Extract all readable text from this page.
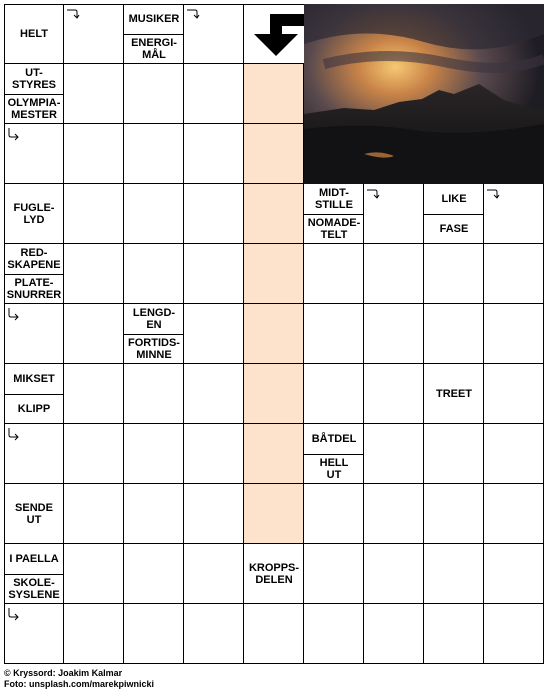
HELT
MUSIKER
ENERGI-
MÅL
UT-
STYRES
OLYMPIA-
MESTER
FUGLE-
LYD
MIDT-
STILLE
NOMADE-
TELT
LIKE
FASE
RED-
SKAPENE
PLATE-
SNURRER
LENGD-
EN
FORTIDS-
MINNE
MIKSET
KLIPP
TREET
BÅTDEL
HELL
UT
SENDE
UT
I PAELLA
SKOLE-
SYSLENE
KROPPS-
DELEN
© Kryssord: Joakim Kalmar
Foto: unsplash.com/marekpiwnicki
